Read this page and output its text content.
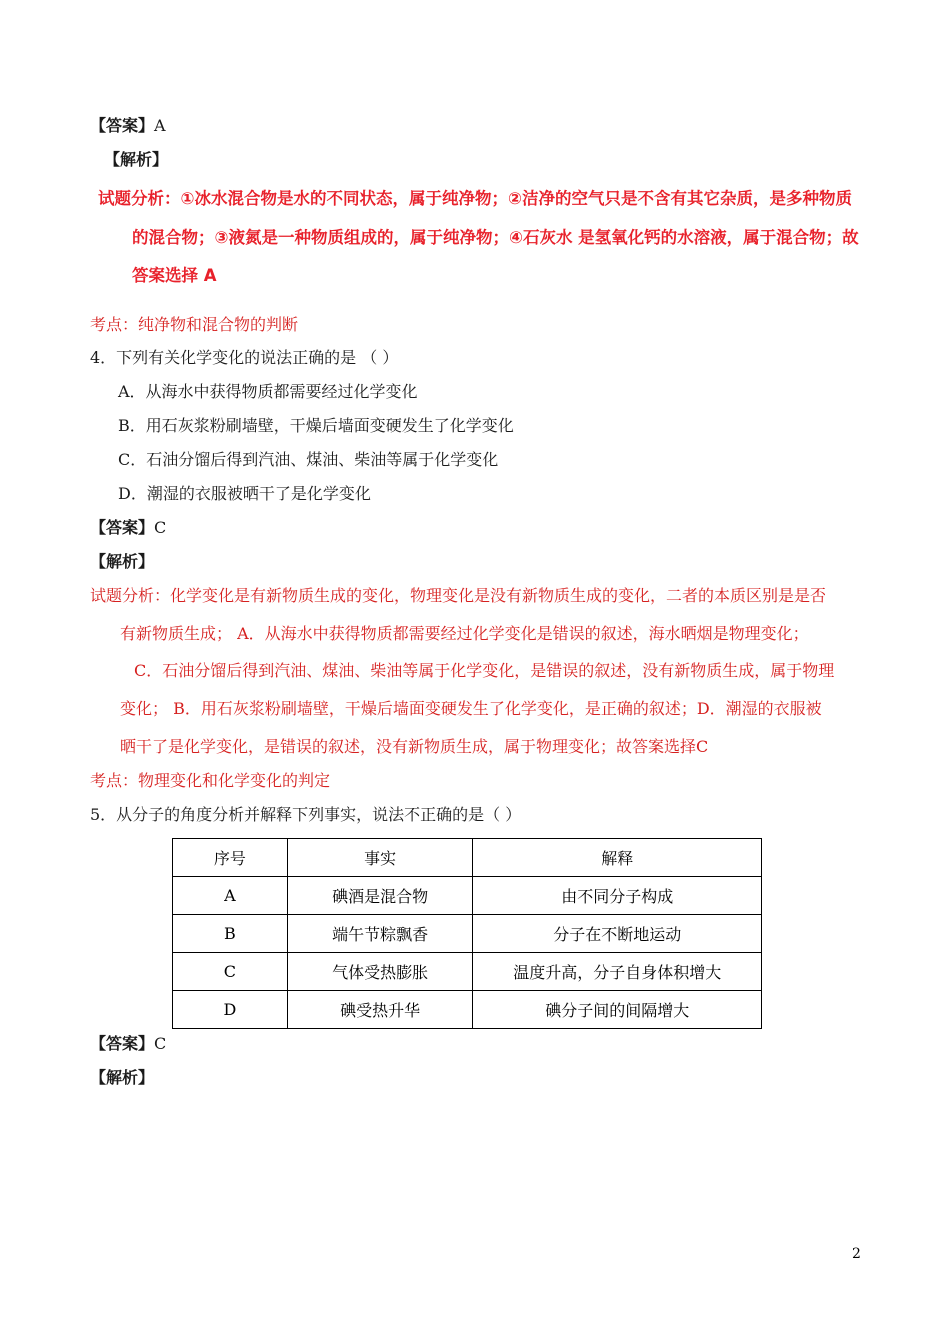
【答案】A
【解析】
试题分析：①冰水混合物是水的不同状态，属于纯净物；②洁净的空气只是不含有其它杂质，是多种物质
的混合物；③液氮是一种物质组成的，属于纯净物；④石灰水 是氢氧化钙的水溶液，属于混合物；故
答案选择 A
考点：纯净物和混合物的判断
4．下列有关化学变化的说法正确的是 （ ）
A．从海水中获得物质都需要经过化学变化
B．用石灰浆粉刷墙壁，干燥后墙面变硬发生了化学变化
C．石油分馏后得到汽油、煤油、柴油等属于化学变化
D．潮湿的衣服被晒干了是化学变化
【答案】C
【解析】
试题分析：化学变化是有新物质生成的变化，物理变化是没有新物质生成的变化，二者的本质区别是是否
有新物质生成； A．从海水中获得物质都需要经过化学变化是错误的叙述，海水晒烟是物理变化；
C．石油分馏后得到汽油、煤油、柴油等属于化学变化，是错误的叙述，没有新物质生成，属于物理
变化； B．用石灰浆粉刷墙壁，干燥后墙面变硬发生了化学变化，是正确的叙述；D．潮湿的衣服被
晒干了是化学变化，是错误的叙述，没有新物质生成，属于物理变化；故答案选择C
考点：物理变化和化学变化的判定
5．从分子的角度分析并解释下列事实，说法不正确的是（ ）
序号	事实	解释
A	碘酒是混合物	由不同分子构成
B	端午节粽飘香	分子在不断地运动
C	气体受热膨胀	温度升高，分子自身体积增大
D	碘受热升华	碘分子间的间隔增大
【答案】C
【解析】
2
